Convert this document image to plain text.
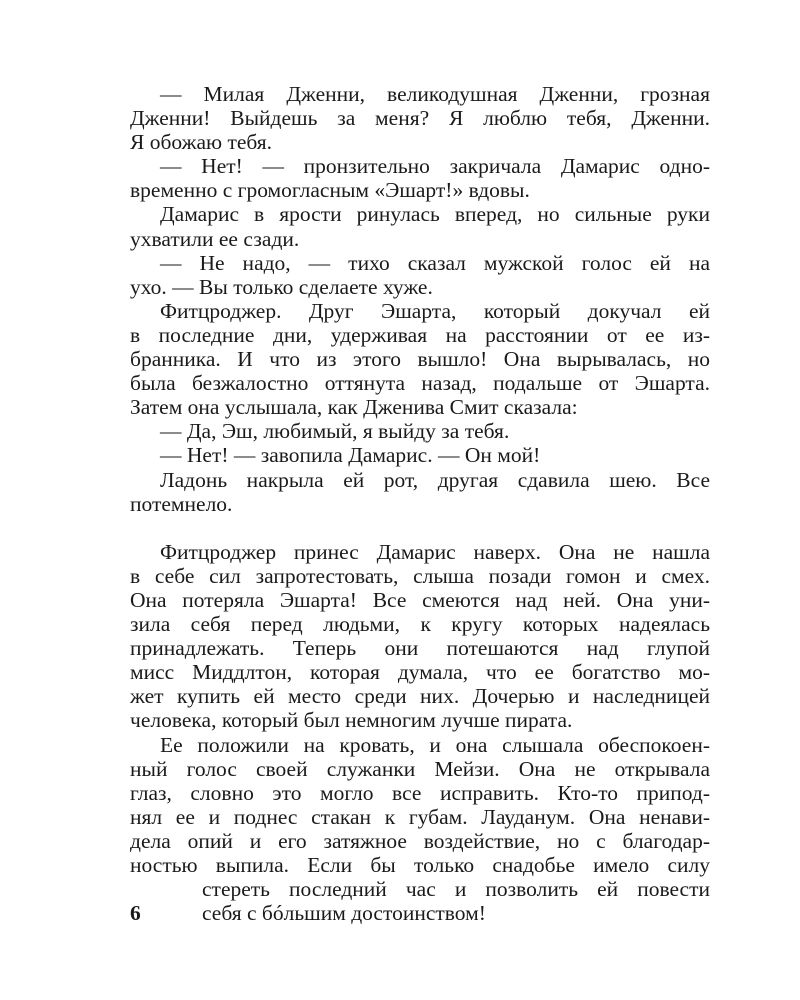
— Милая Дженни, великодушная Дженни, грозная
Дженни! Выйдешь за меня? Я люблю тебя, Дженни.
Я обожаю тебя.
— Нет! — пронзительно закричала Дамарис одно-
временно с громогласным «Эшарт!» вдовы.
Дамарис в ярости ринулась вперед, но сильные руки
ухватили ее сзади.
— Не надо, — тихо сказал мужской голос ей на
ухо. — Вы только сделаете хуже.
Фитцроджер. Друг Эшарта, который докучал ей
в последние дни, удерживая на расстоянии от ее из-
бранника. И что из этого вышло! Она вырывалась, но
была безжалостно оттянута назад, подальше от Эшарта.
Затем она услышала, как Дженива Смит сказала:
— Да, Эш, любимый, я выйду за тебя.
— Нет! — завопила Дамарис. — Он мой!
Ладонь накрыла ей рот, другая сдавила шею. Все
потемнело.
Фитцроджер принес Дамарис наверх. Она не нашла
в себе сил запротестовать, слыша позади гомон и смех.
Она потеряла Эшарта! Все смеются над ней. Она уни-
зила себя перед людьми, к кругу которых надеялась
принадлежать. Теперь они потешаются над глупой
мисс Миддлтон, которая думала, что ее богатство мо-
жет купить ей место среди них. Дочерью и наследницей
человека, который был немногим лучше пирата.
Ее положили на кровать, и она слышала обеспокоен-
ный голос своей служанки Мейзи. Она не открывала
глаз, словно это могло все исправить. Кто-то припод-
нял ее и поднес стакан к губам. Лауданум. Она ненави-
дела опий и его затяжное воздействие, но с благодар-
ностью выпила. Если бы только снадобье имело силу
стереть последний час и позволить ей повести
себя с бóльшим достоинством!
6
